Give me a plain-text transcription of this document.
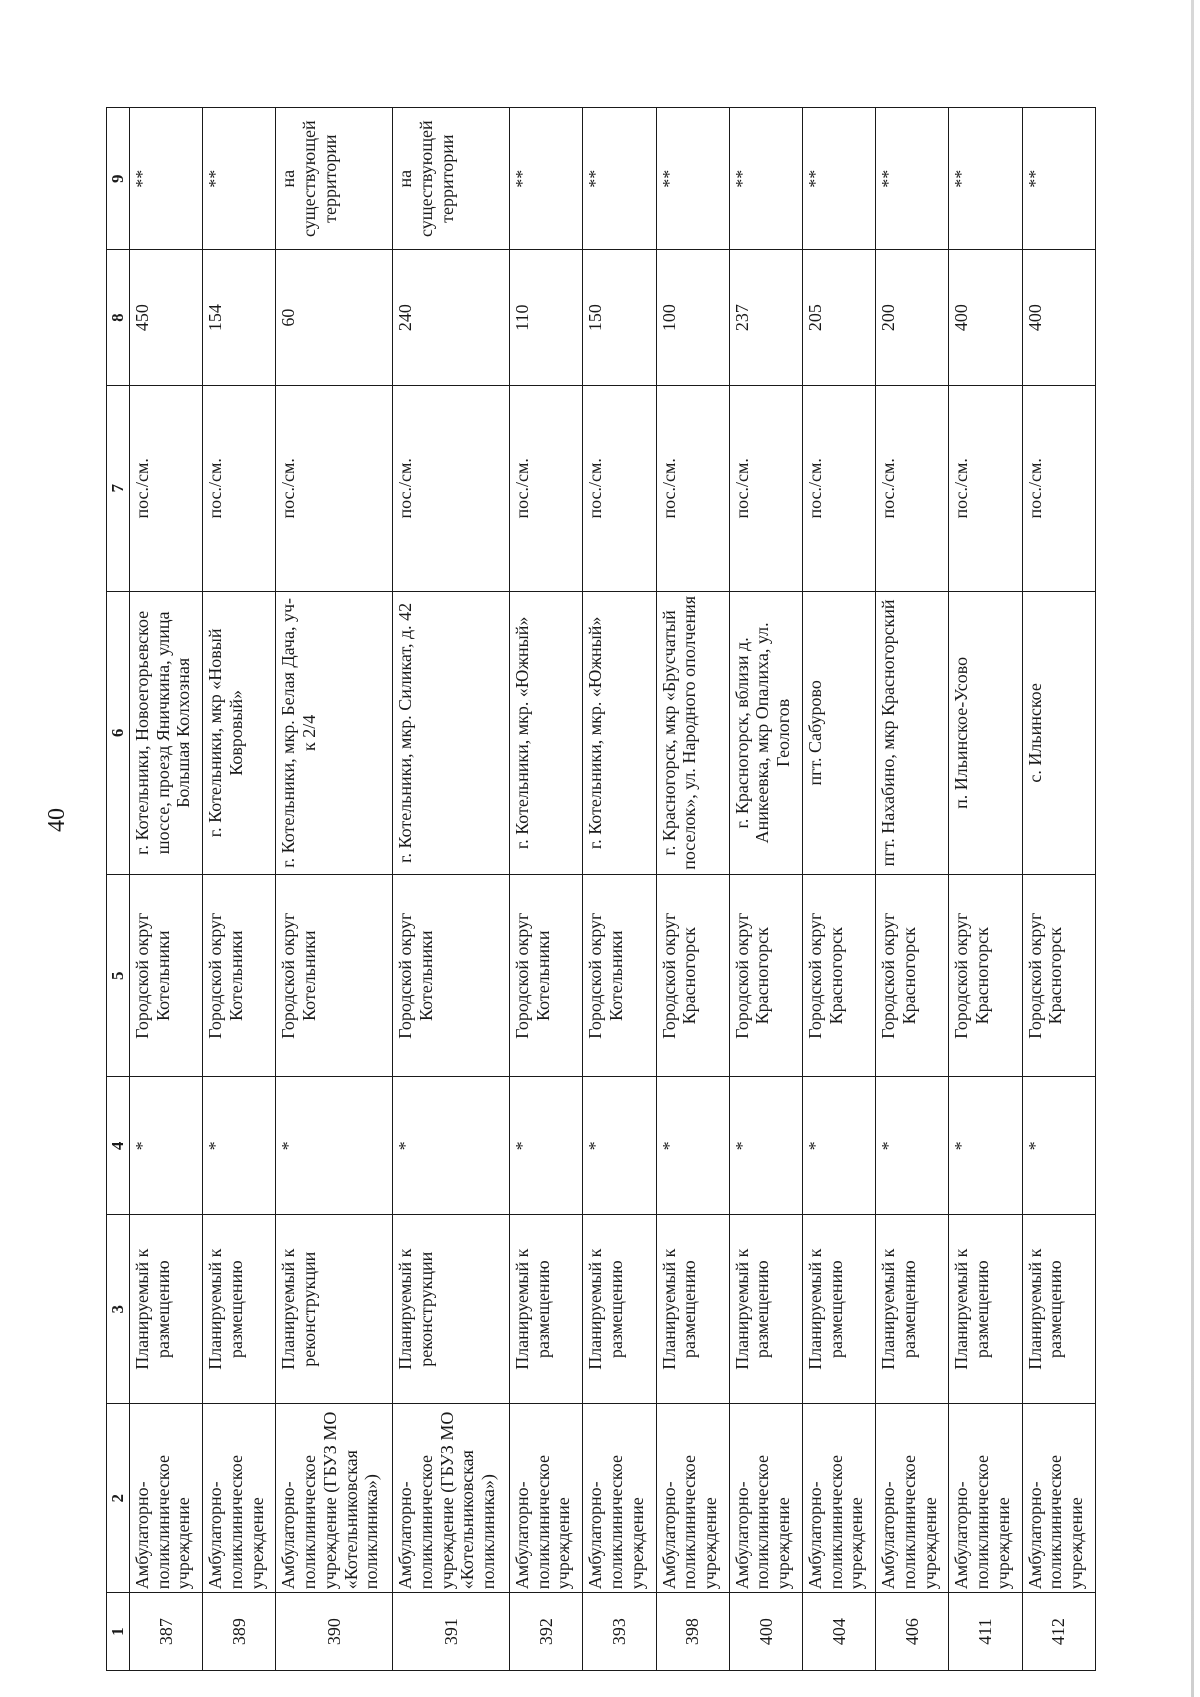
40
1	2	3	4	5	6	7	8	9
387	Амбулаторно-поликлиническое учреждение	Планируемый к размещению	*	Городской округ Котельники	г. Котельники, Новоегорьевское шоссе, проезд Яничкина, улица Большая Колхозная	пос./см.	450	**
389	Амбулаторно-поликлиническое учреждение	Планируемый к размещению	*	Городской округ Котельники	г. Котельники, мкр «Новый Ковровый»	пос./см.	154	**
390	Амбулаторно-поликлиническое учреждение (ГБУЗ МО «Котельниковская поликлиника»)	Планируемый к реконструкции	*	Городской округ Котельники	г. Котельники, мкр. Белая Дача, уч-к 2/4	пос./см.	60	на существующей территории
391	Амбулаторно-поликлиническое учреждение (ГБУЗ МО «Котельниковская поликлиника»)	Планируемый к реконструкции	*	Городской округ Котельники	г. Котельники, мкр. Силикат, д. 42	пос./см.	240	на существующей территории
392	Амбулаторно-поликлиническое учреждение	Планируемый к размещению	*	Городской округ Котельники	г. Котельники, мкр. «Южный»	пос./см.	110	**
393	Амбулаторно-поликлиническое учреждение	Планируемый к размещению	*	Городской округ Котельники	г. Котельники, мкр. «Южный»	пос./см.	150	**
398	Амбулаторно-поликлиническое учреждение	Планируемый к размещению	*	Городской округ Красногорск	г. Красногорск, мкр «Брусчатый поселок», ул. Народного ополчения	пос./см.	100	**
400	Амбулаторно-поликлиническое учреждение	Планируемый к размещению	*	Городской округ Красногорск	г. Красногорск, вблизи д. Аникеевка, мкр Опалиха, ул. Геологов	пос./см.	237	**
404	Амбулаторно-поликлиническое учреждение	Планируемый к размещению	*	Городской округ Красногорск	пгт. Сабурово	пос./см.	205	**
406	Амбулаторно-поликлиническое учреждение	Планируемый к размещению	*	Городской округ Красногорск	пгт. Нахабино, мкр Красногорский	пос./см.	200	**
411	Амбулаторно-поликлиническое учреждение	Планируемый к размещению	*	Городской округ Красногорск	п. Ильинское-Усово	пос./см.	400	**
412	Амбулаторно-поликлиническое учреждение	Планируемый к размещению	*	Городской округ Красногорск	с. Ильинское	пос./см.	400	**
